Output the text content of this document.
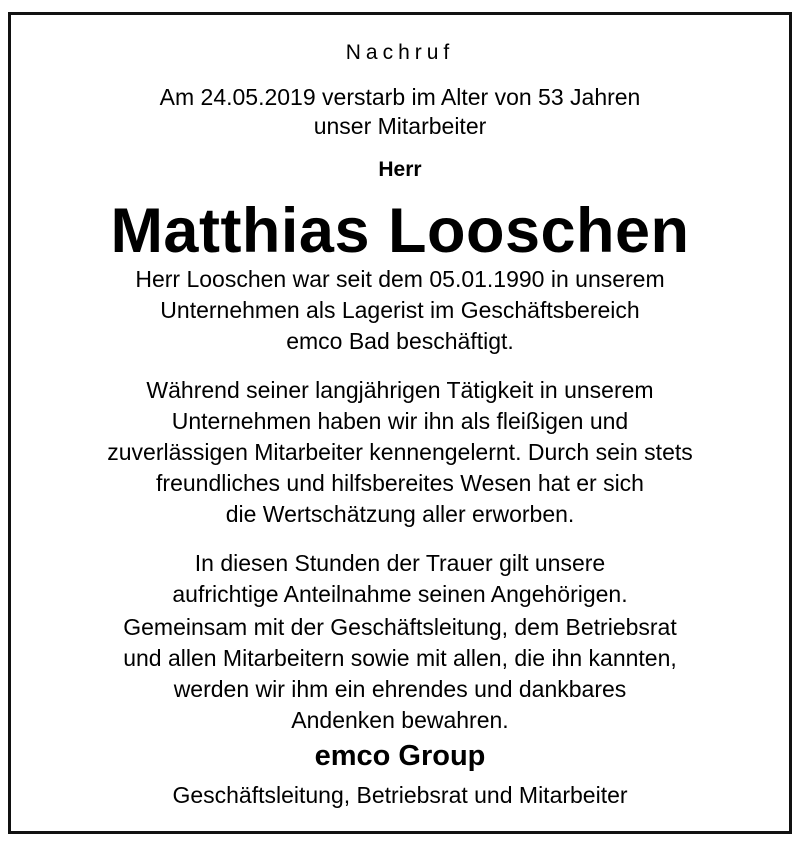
Nachruf
Am 24.05.2019 verstarb im Alter von 53 Jahren
unser Mitarbeiter
Herr
Matthias Looschen
Herr Looschen war seit dem 05.01.1990 in unserem
Unternehmen als Lagerist im Geschäftsbereich
emco Bad beschäftigt.
Während seiner langjährigen Tätigkeit in unserem
Unternehmen haben wir ihn als fleißigen und
zuverlässigen Mitarbeiter kennengelernt. Durch sein stets
freundliches und hilfsbereites Wesen hat er sich
die Wertschätzung aller erworben.
In diesen Stunden der Trauer gilt unsere
aufrichtige Anteilnahme seinen Angehörigen.
Gemeinsam mit der Geschäftsleitung, dem Betriebsrat
und allen Mitarbeitern sowie mit allen, die ihn kannten,
werden wir ihm ein ehrendes und dankbares
Andenken bewahren.
emco Group
Geschäftsleitung, Betriebsrat und Mitarbeiter
